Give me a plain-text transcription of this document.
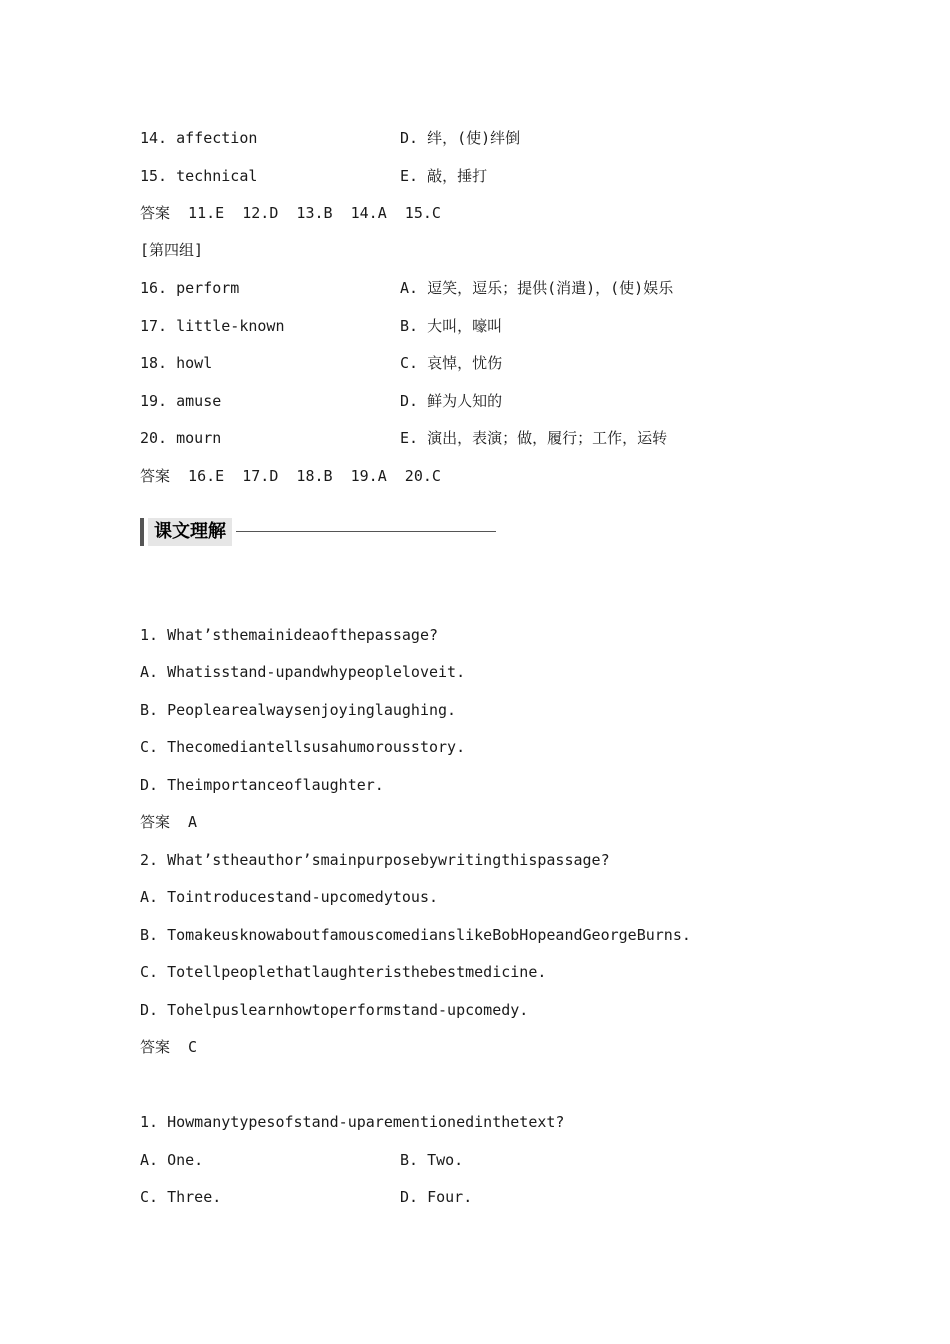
14. affection	D. 绊，(使)绊倒
15. technical	E. 敲，捶打
答案  11.E  12.D  13.B  14.A  15.C
[第四组]
16. perform	A. 逗笑，逗乐；提供(消遣)，(使)娱乐
17. little-known	B. 大叫，嚎叫
18. howl	C. 哀悼，忧伤
19. amuse	D. 鲜为人知的
20. mourn	E. 演出，表演；做，履行；工作，运转
答案  16.E  17.D  18.B  19.A  20.C
课文理解
1. What’sthemainideaofthepassage?
A. Whatisstand-upandwhypeopleloveit.
B. Peoplearealwaysenjoyinglaughing.
C. Thecomediantellsusahumorousstory.
D. Theimportanceoflaughter.
答案  A
2. What’stheauthor’smainpurposebywritingthispassage?
A. Tointroducestand-upcomedytous.
B. TomakeusknowaboutfamouscomedianslikeBobHopeandGeorgeBurns.
C. Totellpeoplethatlaughteristhebestmedicine.
D. Tohelpuslearnhowtoperformstand-upcomedy.
答案  C
1. Howmanytypesofstand-uparementionedinthetext?
A. One.	B. Two.
C. Three.	D. Four.
